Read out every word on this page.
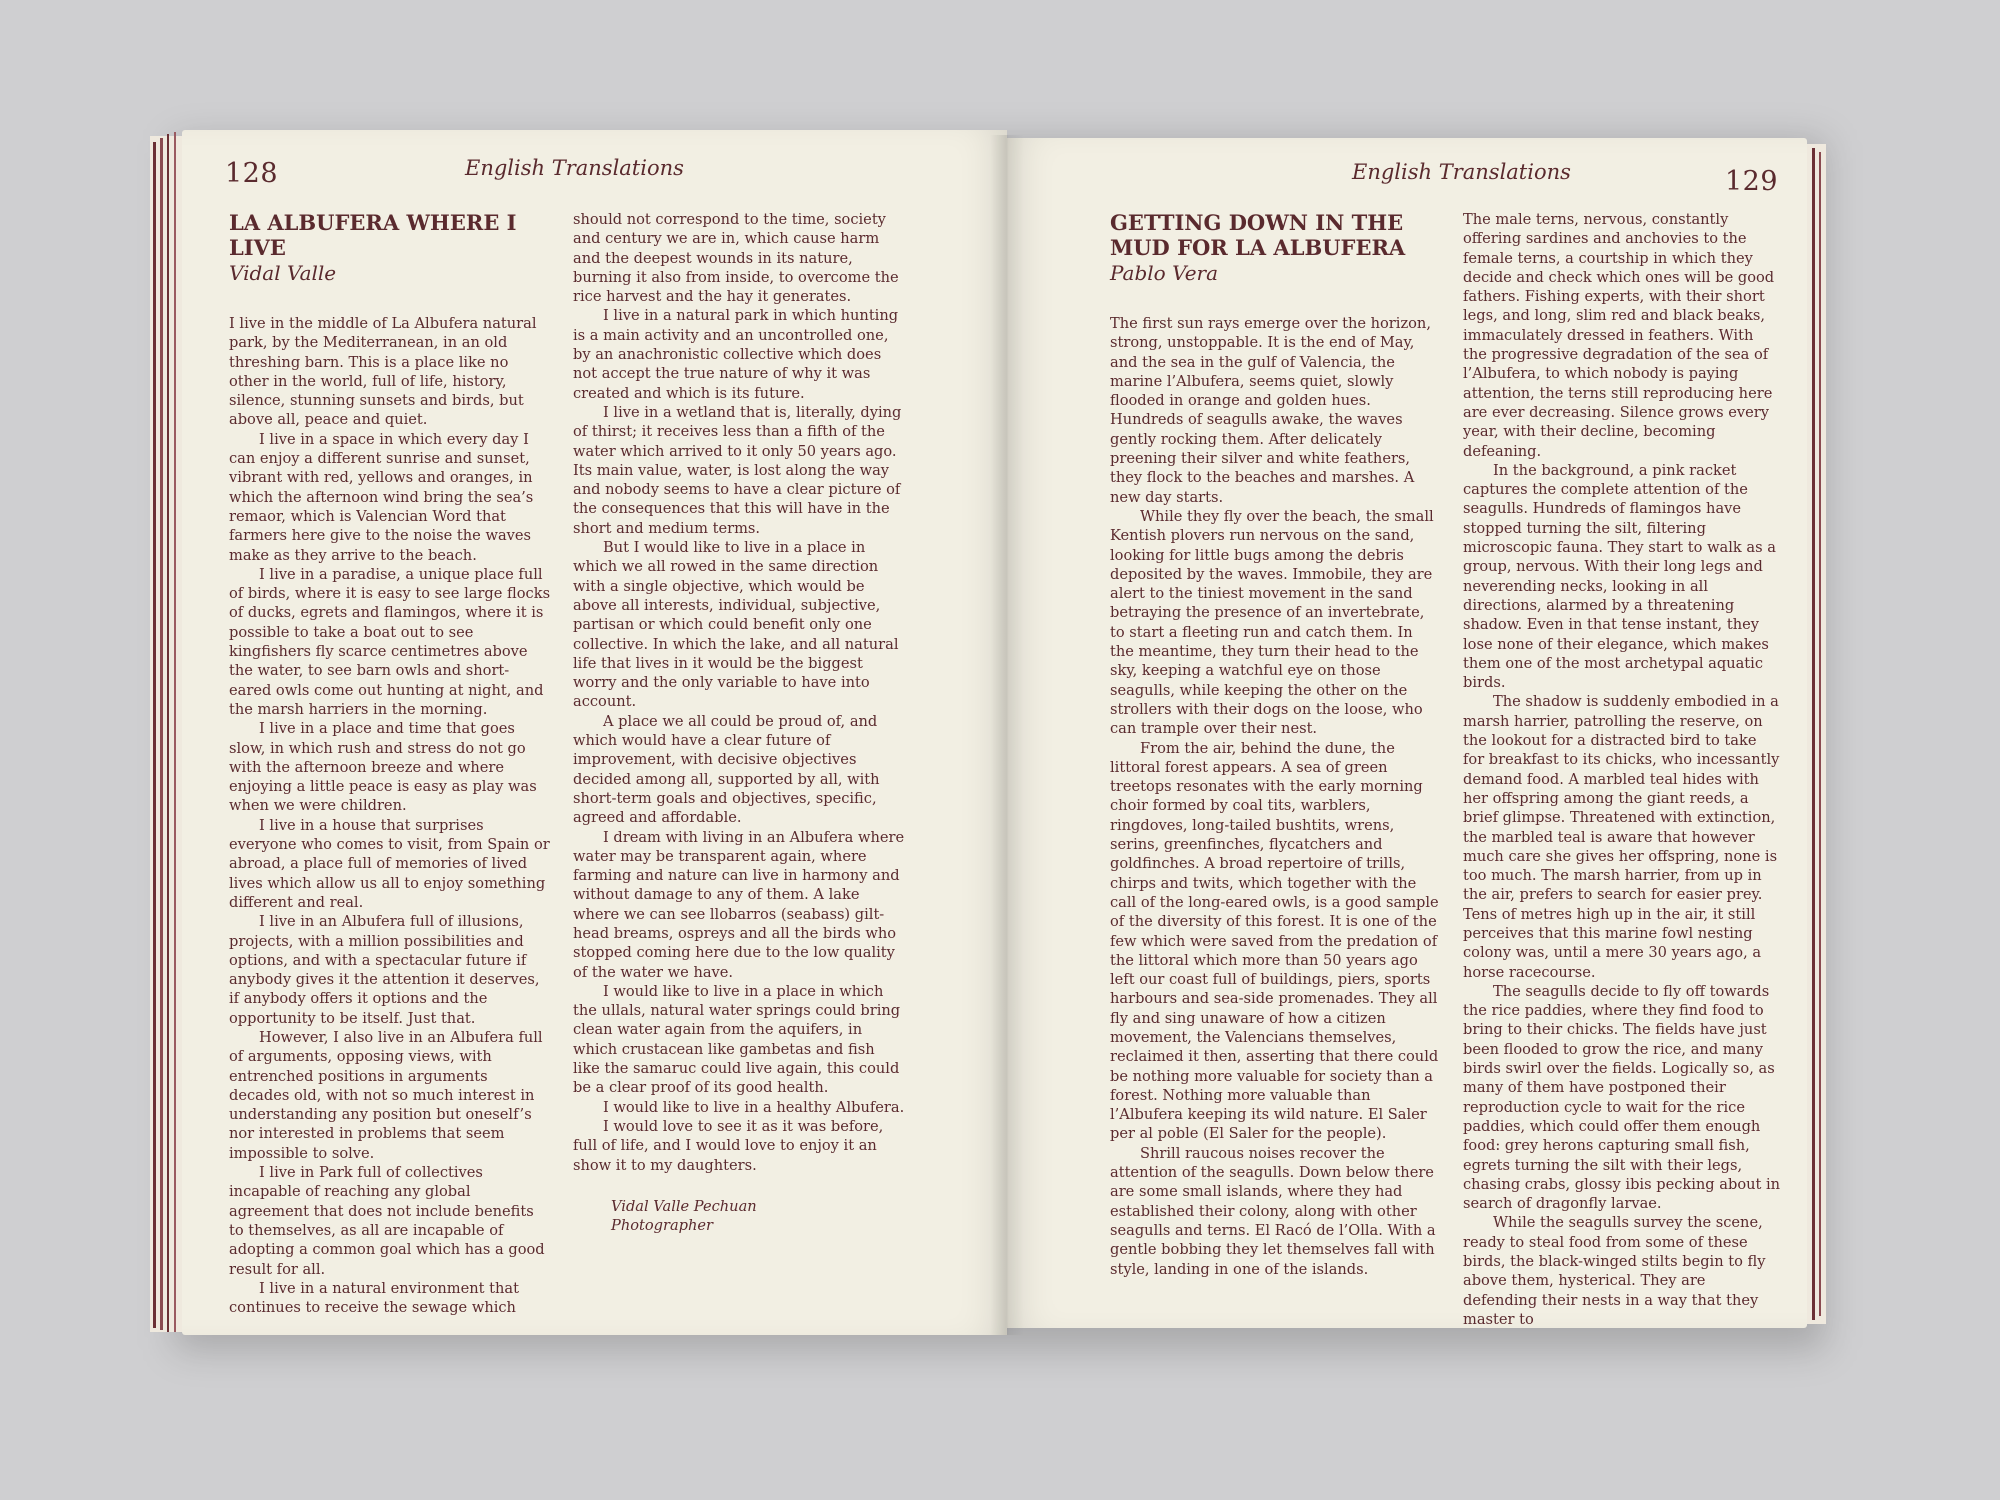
128	English Translations
LA ALBUFERA WHERE I LIVE
Vidal Valle

I live in the middle of La Albufera natural park, by the Mediterranean, in an old threshing barn. This is a place like no other in the world, full of life, history, silence, stunning sunsets and birds, but above all, peace and quiet.

I live in a space in which every day I can enjoy a different sunrise and sunset, vibrant with red, yellows and oranges, in which the afternoon wind bring the sea’s remaor, which is Valencian Word that farmers here give to the noise the waves make as they arrive to the beach.

I live in a paradise, a unique place full of birds, where it is easy to see large flocks of ducks, egrets and flamingos, where it is possible to take a boat out to see kingfishers fly scarce centimetres above the water, to see barn owls and short-eared owls come out hunting at night, and the marsh harriers in the morning.

I live in a place and time that goes slow, in which rush and stress do not go with the afternoon breeze and where enjoying a little peace is easy as play was when we were children.

I live in a house that surprises everyone who comes to visit, from Spain or abroad, a place full of memories of lived lives which allow us all to enjoy something different and real.

I live in an Albufera full of illusions, projects, with a million possibilities and options, and with a spectacular future if anybody gives it the attention it deserves, if anybody offers it options and the opportunity to be itself. Just that.

However, I also live in an Albufera full of arguments, opposing views, with entrenched positions in arguments decades old, with not so much interest in understanding any position but oneself’s nor interested in problems that seem impossible to solve.

I live in Park full of collectives incapable of reaching any global agreement that does not include benefits to themselves, as all are incapable of adopting a common goal which has a good result for all.

I live in a natural environment that continues to receive the sewage which

should not correspond to the time, society and century we are in, which cause harm and the deepest wounds in its nature, burning it also from inside, to overcome the rice harvest and the hay it generates.

I live in a natural park in which hunting is a main activity and an uncontrolled one, by an anachronistic collective which does not accept the true nature of why it was created and which is its future.

I live in a wetland that is, literally, dying of thirst; it receives less than a fifth of the water which arrived to it only 50 years ago. Its main value, water, is lost along the way and nobody seems to have a clear picture of the consequences that this will have in the short and medium terms.

But I would like to live in a place in which we all rowed in the same direction with a single objective, which would be above all interests, individual, subjective, partisan or which could benefit only one collective. In which the lake, and all natural life that lives in it would be the biggest worry and the only variable to have into account.

A place we all could be proud of, and which would have a clear future of improvement, with decisive objectives decided among all, supported by all, with short-term goals and objectives, specific, agreed and affordable.

I dream with living in an Albufera where water may be transparent again, where farming and nature can live in harmony and without damage to any of them. A lake where we can see llobarros (seabass) gilt-head breams, ospreys and all the birds who stopped coming here due to the low quality of the water we have.

I would like to live in a place in which the ullals, natural water springs could bring clean water again from the aquifers, in which crustacean like gambetas and fish like the samaruc could live again, this could be a clear proof of its good health.

I would like to live in a healthy Albufera.

I would love to see it as it was before, full of life, and I would love to enjoy it an show it to my daughters.

Vidal Valle Pechuan
Photographer
English Translations	129
GETTING DOWN IN THE MUD FOR LA ALBUFERA
Pablo Vera

The first sun rays emerge over the horizon, strong, unstoppable. It is the end of May, and the sea in the gulf of Valencia, the marine l’Albufera, seems quiet, slowly flooded in orange and golden hues. Hundreds of seagulls awake, the waves gently rocking them. After delicately preening their silver and white feathers, they flock to the beaches and marshes. A new day starts.

While they fly over the beach, the small Kentish plovers run nervous on the sand, looking for little bugs among the debris deposited by the waves. Immobile, they are alert to the tiniest movement in the sand betraying the presence of an invertebrate, to start a fleeting run and catch them. In the meantime, they turn their head to the sky, keeping a watchful eye on those seagulls, while keeping the other on the strollers with their dogs on the loose, who can trample over their nest.

From the air, behind the dune, the littoral forest appears. A sea of green treetops resonates with the early morning choir formed by coal tits, warblers, ringdoves, long-tailed bushtits, wrens, serins, greenfinches, flycatchers and goldfinches. A broad repertoire of trills, chirps and twits, which together with the call of the long-eared owls, is a good sample of the diversity of this forest. It is one of the few which were saved from the predation of the littoral which more than 50 years ago left our coast full of buildings, piers, sports harbours and sea-side promenades. They all fly and sing unaware of how a citizen movement, the Valencians themselves, reclaimed it then, asserting that there could be nothing more valuable for society than a forest. Nothing more valuable than l’Albufera keeping its wild nature. El Saler per al poble (El Saler for the people).

Shrill raucous noises recover the attention of the seagulls. Down below there are some small islands, where they had established their colony, along with other seagulls and terns. El Racó de l’Olla. With a gentle bobbing they let themselves fall with style, landing in one of the islands.

The male terns, nervous, constantly offering sardines and anchovies to the female terns, a courtship in which they decide and check which ones will be good fathers. Fishing experts, with their short legs, and long, slim red and black beaks, immaculately dressed in feathers. With the progressive degradation of the sea of l’Albufera, to which nobody is paying attention, the terns still reproducing here are ever decreasing. Silence grows every year, with their decline, becoming defeaning.

In the background, a pink racket captures the complete attention of the seagulls. Hundreds of flamingos have stopped turning the silt, filtering microscopic fauna. They start to walk as a group, nervous. With their long legs and neverending necks, looking in all directions, alarmed by a threatening shadow. Even in that tense instant, they lose none of their elegance, which makes them one of the most archetypal aquatic birds.

The shadow is suddenly embodied in a marsh harrier, patrolling the reserve, on the lookout for a distracted bird to take for breakfast to its chicks, who incessantly demand food. A marbled teal hides with her offspring among the giant reeds, a brief glimpse. Threatened with extinction, the marbled teal is aware that however much care she gives her offspring, none is too much. The marsh harrier, from up in the air, prefers to search for easier prey. Tens of metres high up in the air, it still perceives that this marine fowl nesting colony was, until a mere 30 years ago, a horse racecourse.

The seagulls decide to fly off towards the rice paddies, where they find food to bring to their chicks. The fields have just been flooded to grow the rice, and many birds swirl over the fields. Logically so, as many of them have postponed their reproduction cycle to wait for the rice paddies, which could offer them enough food: grey herons capturing small fish, egrets turning the silt with their legs, chasing crabs, glossy ibis pecking about in search of dragonfly larvae.

While the seagulls survey the scene, ready to steal food from some of these birds, the black-winged stilts begin to fly above them, hysterical. They are defending their nests in a way that they master to
